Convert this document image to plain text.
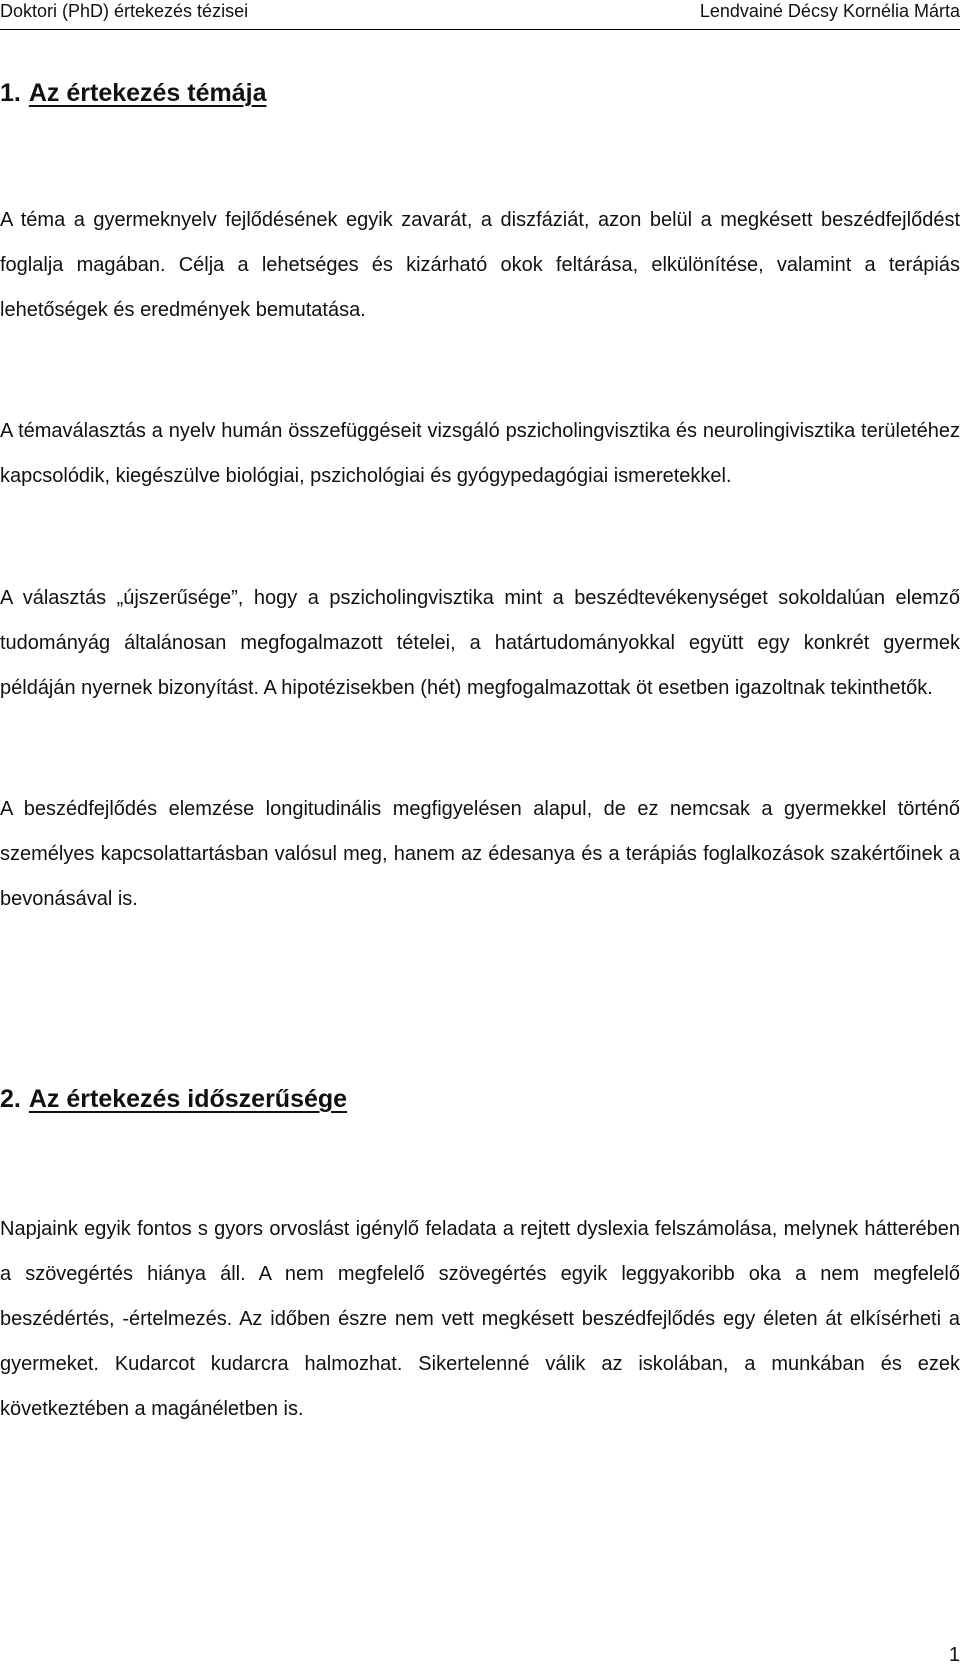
Doktori (PhD) értekezés tézisei	Lendvainé Décsy Kornélia Márta
1. Az értekezés témája

A téma a gyermeknyelv fejlődésének egyik zavarát, a diszfáziát, azon belül a megkésett beszédfejlődést foglalja magában. Célja a lehetséges és kizárható okok feltárása, elkülönítése, valamint a terápiás lehetőségek és eredmények bemutatása.

A témaválasztás a nyelv humán összefüggéseit vizsgáló pszicholingvisztika és neurolingivisztika területéhez kapcsolódik, kiegészülve biológiai, pszichológiai és gyógypedagógiai ismeretekkel.

A választás „újszerűsége”, hogy a pszicholingvisztika mint a beszédtevékenységet sokoldalúan elemző tudományág általánosan megfogalmazott tételei, a határtudományokkal együtt egy konkrét gyermek példáján nyernek bizonyítást. A hipotézisekben (hét) megfogalmazottak öt esetben igazoltnak tekinthetők.

A beszédfejlődés elemzése longitudinális megfigyelésen alapul, de ez nemcsak a gyermekkel történő személyes kapcsolattartásban valósul meg, hanem az édesanya és a terápiás foglalkozások szakértőinek a bevonásával is.

2. Az értekezés időszerűsége

Napjaink egyik fontos s gyors orvoslást igénylő feladata a rejtett dyslexia felszámolása, melynek hátterében a szövegértés hiánya áll. A nem megfelelő szövegértés egyik leggyakoribb oka a nem megfelelő beszédértés, -értelmezés. Az időben észre nem vett megkésett beszédfejlődés egy életen át elkísérheti a gyermeket. Kudarcot kudarcra halmozhat. Sikertelenné válik az iskolában, a munkában és ezek következtében a magánéletben is.

1
